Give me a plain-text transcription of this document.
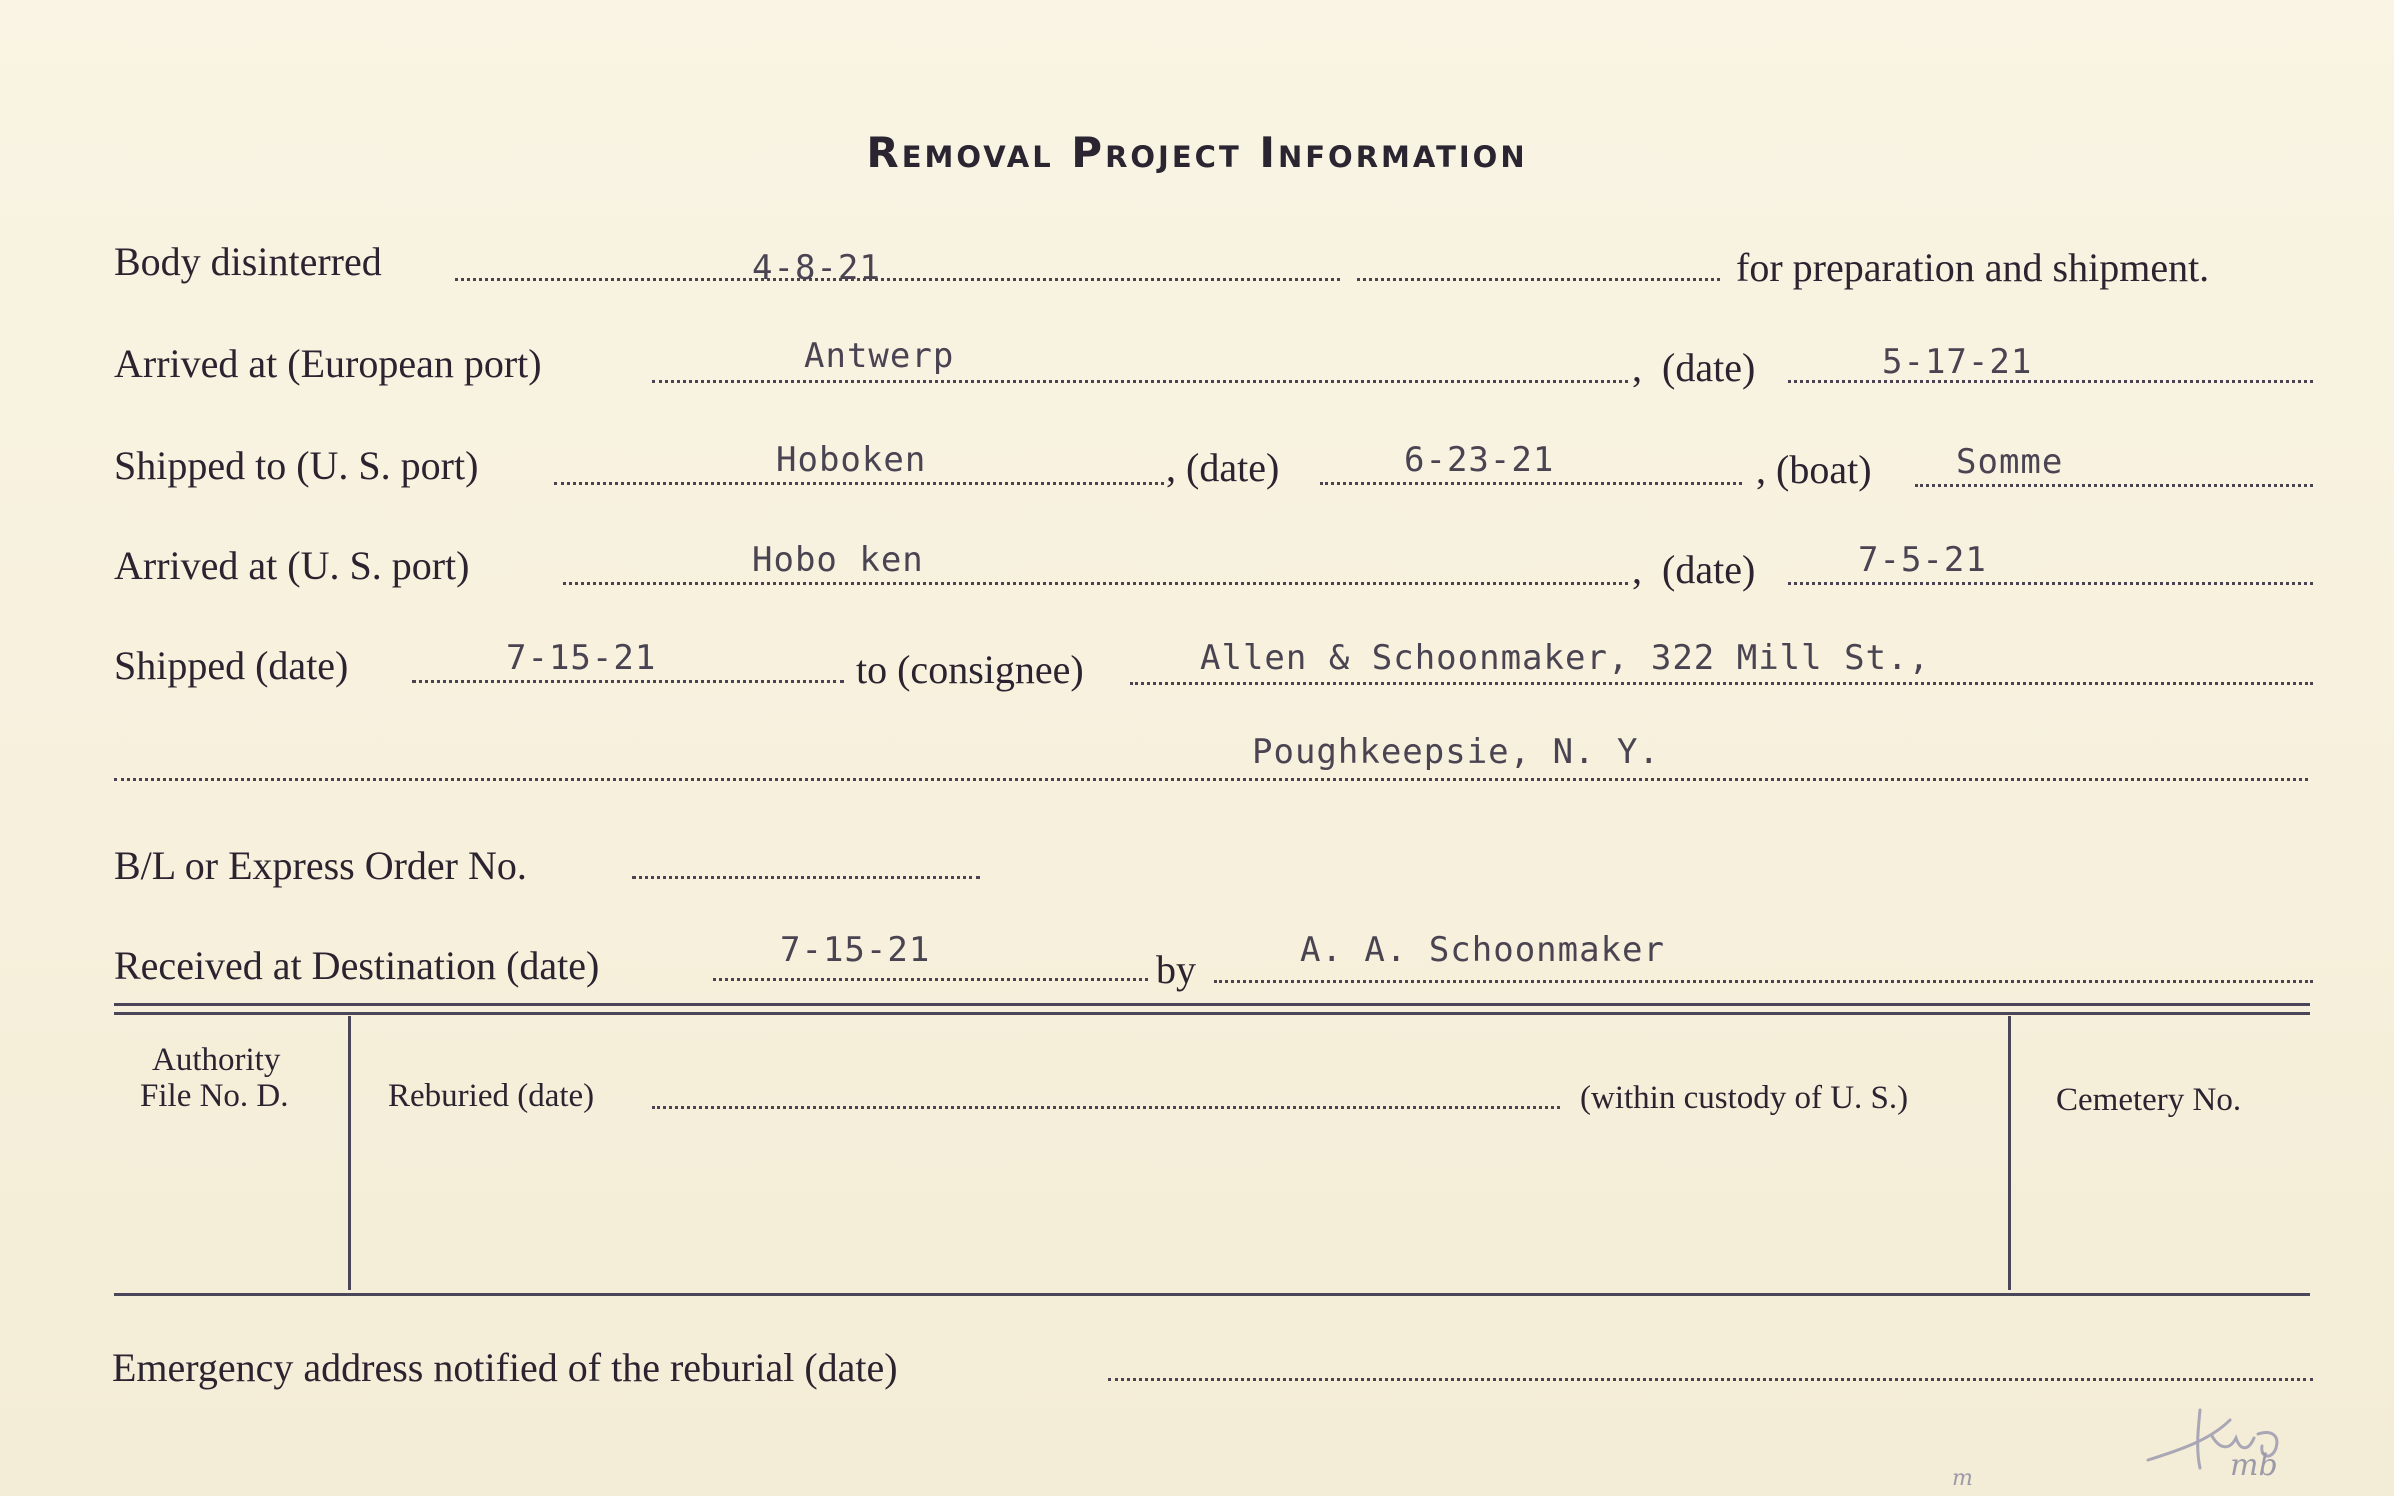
Removal Project Information
Body disinterred	4-8-21	for preparation and shipment.
Arrived at (European port)	Antwerp	, (date)	5-17-21
Shipped to (U. S. port)	Hoboken	, (date)	6-23-21	, (boat) Somme
Arrived at (U. S. port)	Hobo ken	, (date)	7-5-21
Shipped (date)	7-15-21	to (consignee)	Allen & Schoonmaker, 322 Mill St.,
Poughkeepsie, N. Y.
B/L or Express Order No.
Received at Destination (date)	7-15-21	by	A. A. Schoonmaker
Authority
File No. D.	Reburied (date)	(within custody of U. S.)	Cemetery No.
Emergency address notified of the reburial (date)
mb
m
